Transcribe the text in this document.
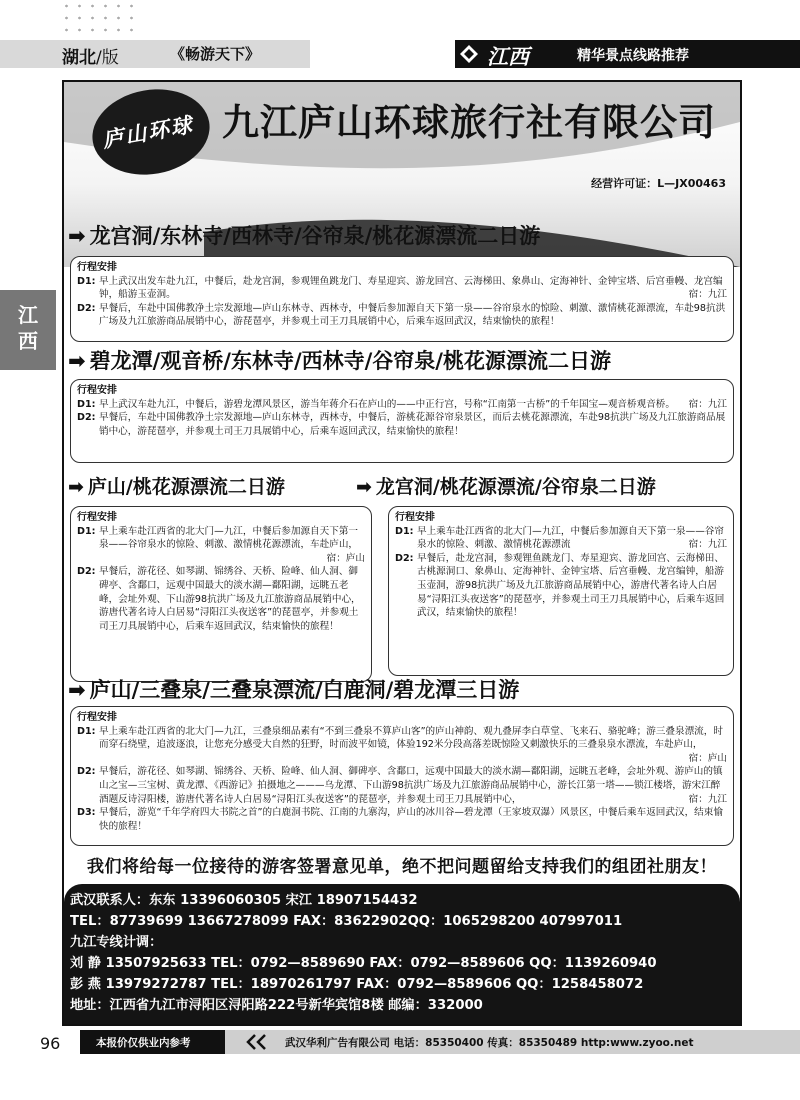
湖北/版	《畅游天下》	江西	精华景点线路推荐
江西
庐山环球 九江庐山环球旅行社有限公司
经营许可证：L—JX00463
➡ 龙宫洞/东林寺/西林寺/谷帘泉/桃花源漂流二日游
行程安排
D1: 早上武汉出发车赴九江，中餐后，赴龙宫洞，参观锂鱼跳龙门、寿星迎宾、游龙回宫、云海梯田、象鼻山、定海神针、金钟宝塔、后宫垂幔、龙宫编钟，船游玉壶洞。	宿：九江
D2: 早餐后，车赴中国佛教净土宗发源地—庐山东林寺、西林寺，中餐后参加源自天下第一泉——谷帘泉水的惊险、刺激、激情桃花源漂流，车赴98抗洪广场及九江旅游商品展销中心，游琵琶亭，并参观土司王刀具展销中心，后乘车返回武汉，结束愉快的旅程！
➡ 碧龙潭/观音桥/东林寺/西林寺/谷帘泉/桃花源漂流二日游
行程安排
D1: 早上武汉车赴九江，中餐后，游碧龙潭风景区，游当年蒋介石在庐山的——中正行宫，号称“江南第一古桥”的千年国宝—观音桥观音桥。 宿：九江
D2: 早餐后，车赴中国佛教净土宗发源地—庐山东林寺，西林寺，中餐后，游桃花源谷帘泉景区，而后去桃花源漂流，车赴98抗洪广场及九江旅游商品展销中心，游琵琶亭，并参观土司王刀具展销中心，后乘车返回武汉，结束愉快的旅程！
➡ 庐山/桃花源漂流二日游	➡ 龙宫洞/桃花源漂流/谷帘泉二日游
行程安排
D1: 早上乘车赴江西省的北大门—九江，中餐后参加源自天下第一泉——谷帘泉水的惊险、刺激、激情桃花源漂流，车赴庐山，
宿：庐山
D2: 早餐后，游花径、如琴湖、锦绣谷、天桥、险峰、仙人洞、御碑亭、含鄱口，远观中国最大的淡水湖—鄱阳湖，远眺五老峰，会址外观、下山游98抗洪广场及九江旅游商品展销中心，游唐代著名诗人白居易“浔阳江头夜送客”的琵琶亭，并参观土司王刀具展销中心，后乘车返回武汉，结束愉快的旅程！
行程安排
D1: 早上乘车赴江西省的北大门—九江，中餐后参加源自天下第一泉——谷帘泉水的惊险、刺激、激情桃花源漂流	宿：九江
D2: 早餐后，赴龙宫洞，参观锂鱼跳龙门、寿星迎宾、游龙回宫、云海梯田、古桃源洞口、象鼻山、定海神针、金钟宝塔、后宫垂幔、龙宫编钟，船游玉壶洞，游98抗洪广场及九江旅游商品展销中心，游唐代著名诗人白居易“浔阳江头夜送客”的琵琶亭，并参观土司王刀具展销中心，后乘车返回武汉，结束愉快的旅程！
➡ 庐山/三叠泉/三叠泉漂流/白鹿洞/碧龙潭三日游
行程安排
D1: 早上乘车赴江西省的北大门—九江，三叠泉细品素有“不到三叠泉不算庐山客”的庐山神韵、观九叠屏李白草堂、飞来石、骆驼峰；游三叠泉漂流，时而穿石绕壁，追波逐浪，让您充分感受大自然的狂野，时而波平如镜，体验192米分段高落差既惊险又刺激快乐的三叠泉泉水漂流，车赴庐山，
宿：庐山
D2: 早餐后，游花径、如琴湖、锦绣谷、天桥、险峰、仙人洞、御碑亭、含鄱口，远观中国最大的淡水湖—鄱阳湖，远眺五老峰，会址外观、游庐山的镇山之宝—三宝树、黄龙潭、《西游记》拍摄地之———乌龙潭、下山游98抗洪广场及九江旅游商品展销中心，游长江第一塔——锁江楼塔，游宋江醉酒题反诗浔阳楼，游唐代著名诗人白居易“浔阳江头夜送客”的琵琶亭，并参观土司王刀具展销中心，	宿：九江
D3: 早餐后，游览“千年学府四大书院之首”的白鹿洞书院、江南的九寨沟，庐山的冰川谷—碧龙潭（王家坡双瀑）风景区，中餐后乘车返回武汉，结束愉快的旅程！
我们将给每一位接待的游客签署意见单，绝不把问题留给支持我们的组团社朋友！
武汉联系人：东东 13396060305 宋江 18907154432
TEL：87739699 13667278099 FAX：83622902QQ：1065298200 407997011
九江专线计调：
刘 静 13507925633 TEL：0792—8589690 FAX：0792—8589606 QQ：1139260940
彭 燕 13979272787 TEL：18970261797 FAX：0792—8589606 QQ：1258458072
地址：江西省九江市浔阳区浔阳路222号新华宾馆8楼 邮编：332000
96	本报价仅供业内参考	武汉华利广告有限公司 电话：85350400 传真：85350489 http:www.zyoo.net
